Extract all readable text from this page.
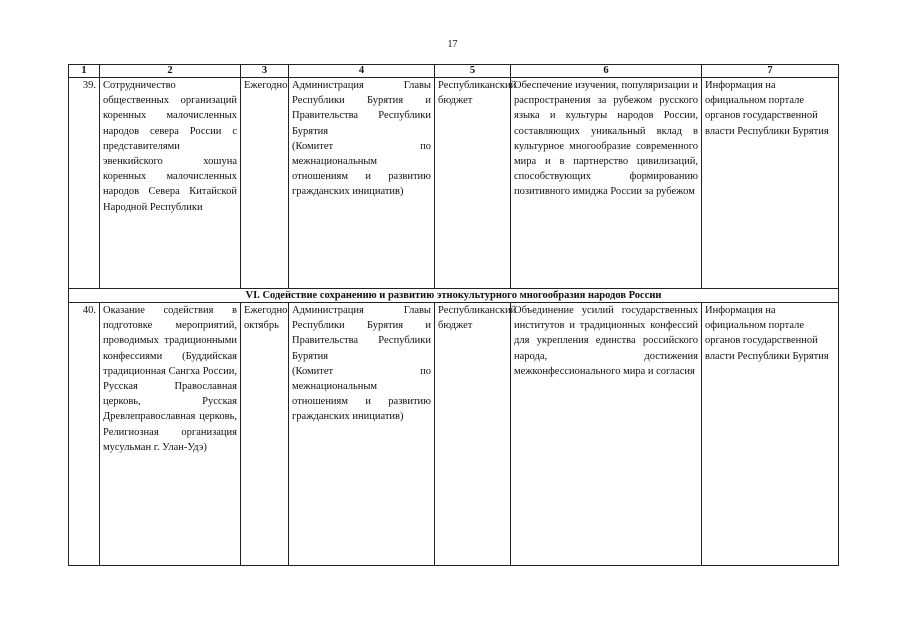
17
1	2	3	4	5	6	7
39.	Сотрудничество общественных организаций коренных малочисленных народов севера России с представителями эвенкийского хошуна коренных малочисленных народов Севера Китайской Народной Республики	Ежегодно	Администрация Главы Республики Бурятия и Правительства Республики Бурятия
(Комитет по межнациональным отношениям и развитию гражданских инициатив)	Республиканский бюджет	Обеспечение изучения, популяризации и распространения за рубежом русского языка и культуры народов России, составляющих уникальный вклад в культурное многообразие современного мира и в партнерство цивилизаций, способствующих формированию позитивного имиджа России за рубежом	Информация на официальном портале органов государственной власти Республики Бурятия
VI. Содействие сохранению и развитию этнокультурного многообразия народов России						
40.	Оказание содействия в подготовке мероприятий, проводимых традиционными конфессиями (Буддийская традиционная Сангха России, Русская Православная церковь, Русская Древлеправославная церковь, Религиозная организация мусульман г. Улан-Удэ)	Ежегодно октябрь	Администрация Главы Республики Бурятия и Правительства Республики Бурятия
(Комитет по межнациональным отношениям и развитию гражданских инициатив)	Республиканский бюджет	Объединение усилий государственных институтов и традиционных конфессий для укрепления единства российского народа, достижения межконфессионального мира и согласия	Информация на официальном портале органов государственной власти Республики Бурятия
